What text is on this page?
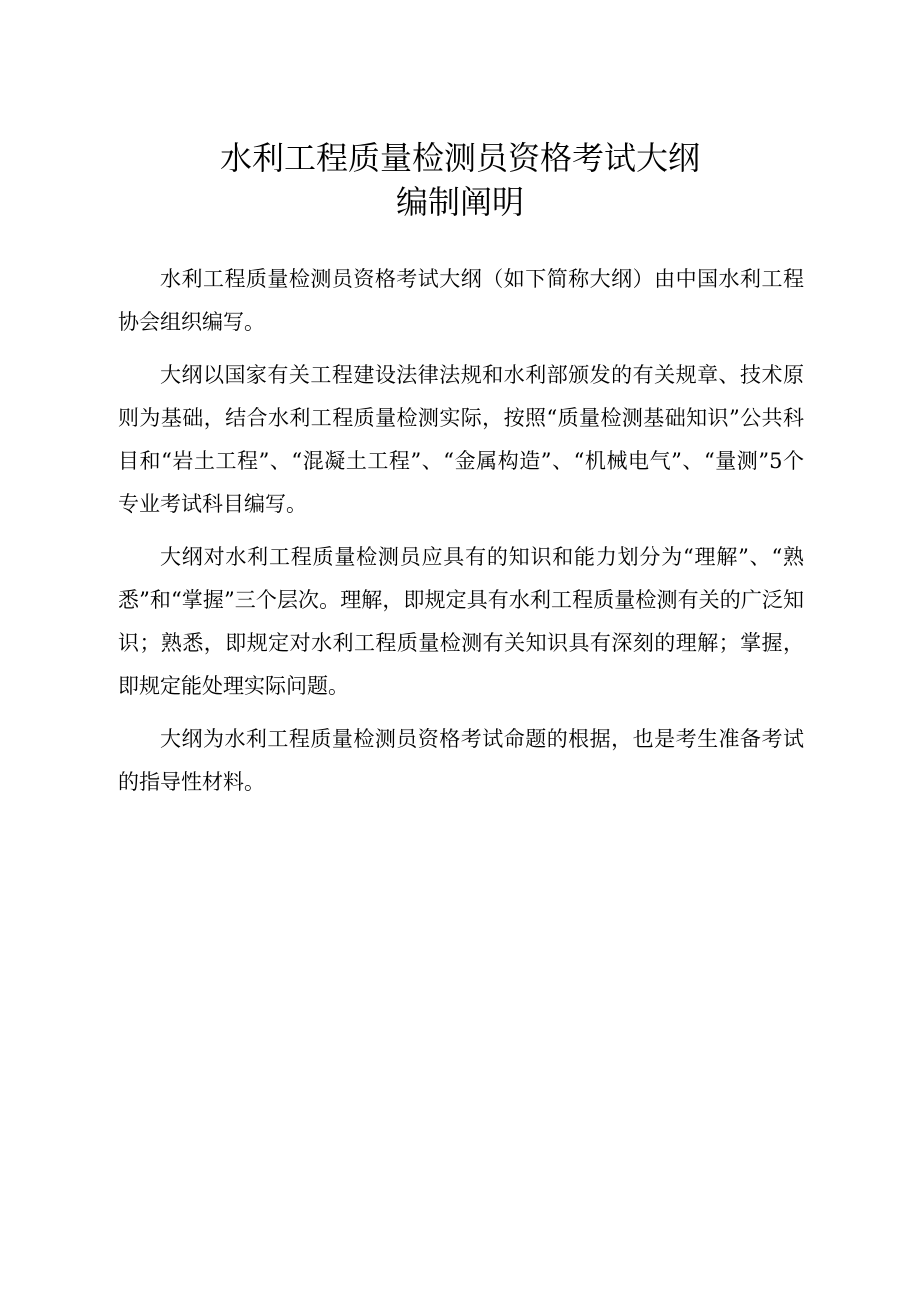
水利工程质量检测员资格考试大纲
编制阐明

水利工程质量检测员资格考试大纲（如下简称大纲）由中国水利工程协会组织编写。

大纲以国家有关工程建设法律法规和水利部颁发的有关规章、技术原则为基础，结合水利工程质量检测实际，按照“质量检测基础知识”公共科目和“岩土工程”、“混凝土工程”、“金属构造”、“机械电气”、“量测”5个专业考试科目编写。

大纲对水利工程质量检测员应具有的知识和能力划分为“理解”、“熟悉”和“掌握”三个层次。理解，即规定具有水利工程质量检测有关的广泛知识；熟悉，即规定对水利工程质量检测有关知识具有深刻的理解；掌握，即规定能处理实际问题。

大纲为水利工程质量检测员资格考试命题的根据，也是考生准备考试的指导性材料。
